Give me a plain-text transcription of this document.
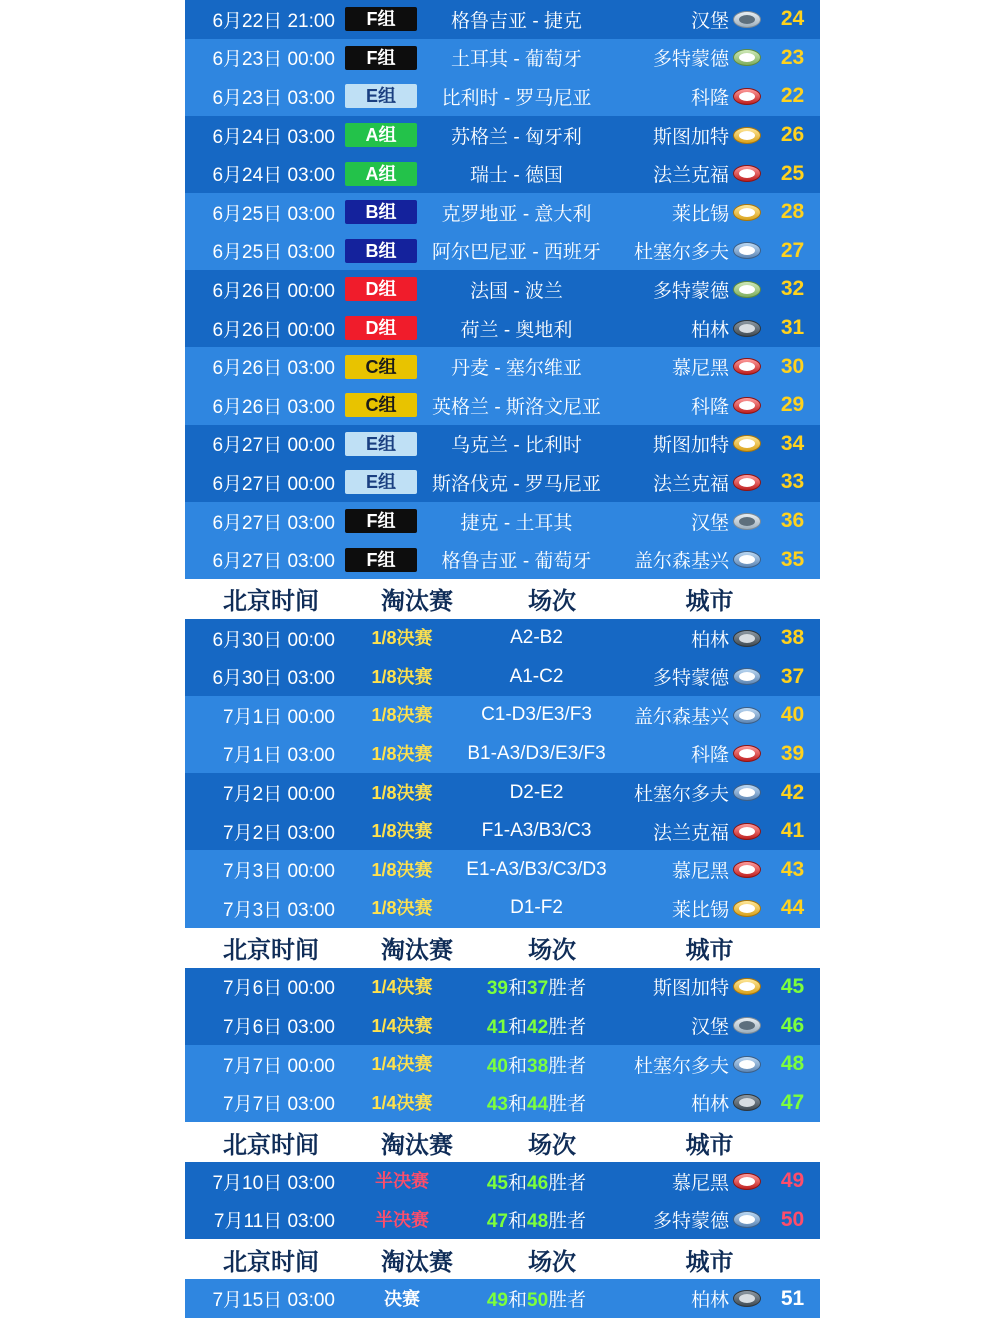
6月22日 21:00	F组	格鲁吉亚 - 捷克	汉堡	24
6月23日 00:00	F组	土耳其 - 葡萄牙	多特蒙德	23
6月23日 03:00	E组	比利时 - 罗马尼亚	科隆	22
6月24日 03:00	A组	苏格兰 - 匈牙利	斯图加特	26
6月24日 03:00	A组	瑞士 - 德国	法兰克福	25
6月25日 03:00	B组	克罗地亚 - 意大利	莱比锡	28
6月25日 03:00	B组	阿尔巴尼亚 - 西班牙	杜塞尔多夫	27
6月26日 00:00	D组	法国 - 波兰	多特蒙德	32
6月26日 00:00	D组	荷兰 - 奥地利	柏林	31
6月26日 03:00	C组	丹麦 - 塞尔维亚	慕尼黑	30
6月26日 03:00	C组	英格兰 - 斯洛文尼亚	科隆	29
6月27日 00:00	E组	乌克兰 - 比利时	斯图加特	34
6月27日 00:00	E组	斯洛伐克 - 罗马尼亚	法兰克福	33
6月27日 03:00	F组	捷克 - 土耳其	汉堡	36
6月27日 03:00	F组	格鲁吉亚 - 葡萄牙	盖尔森基兴	35
北京时间	淘汰赛	场次	城市
6月30日 00:00	1/8决赛	A2-B2	柏林	38
6月30日 03:00	1/8决赛	A1-C2	多特蒙德	37
7月1日 00:00	1/8决赛	C1-D3/E3/F3	盖尔森基兴	40
7月1日 03:00	1/8决赛	B1-A3/D3/E3/F3	科隆	39
7月2日 00:00	1/8决赛	D2-E2	杜塞尔多夫	42
7月2日 03:00	1/8决赛	F1-A3/B3/C3	法兰克福	41
7月3日 00:00	1/8决赛	E1-A3/B3/C3/D3	慕尼黑	43
7月3日 03:00	1/8决赛	D1-F2	莱比锡	44
北京时间	淘汰赛	场次	城市
7月6日 00:00	1/4决赛	39和37胜者	斯图加特	45
7月6日 03:00	1/4决赛	41和42胜者	汉堡	46
7月7日 00:00	1/4决赛	40和38胜者	杜塞尔多夫	48
7月7日 03:00	1/4决赛	43和44胜者	柏林	47
北京时间	淘汰赛	场次	城市
7月10日 03:00	半决赛	45和46胜者	慕尼黑	49
7月11日 03:00	半决赛	47和48胜者	多特蒙德	50
北京时间	淘汰赛	场次	城市
7月15日 03:00	决赛	49和50胜者	柏林	51
